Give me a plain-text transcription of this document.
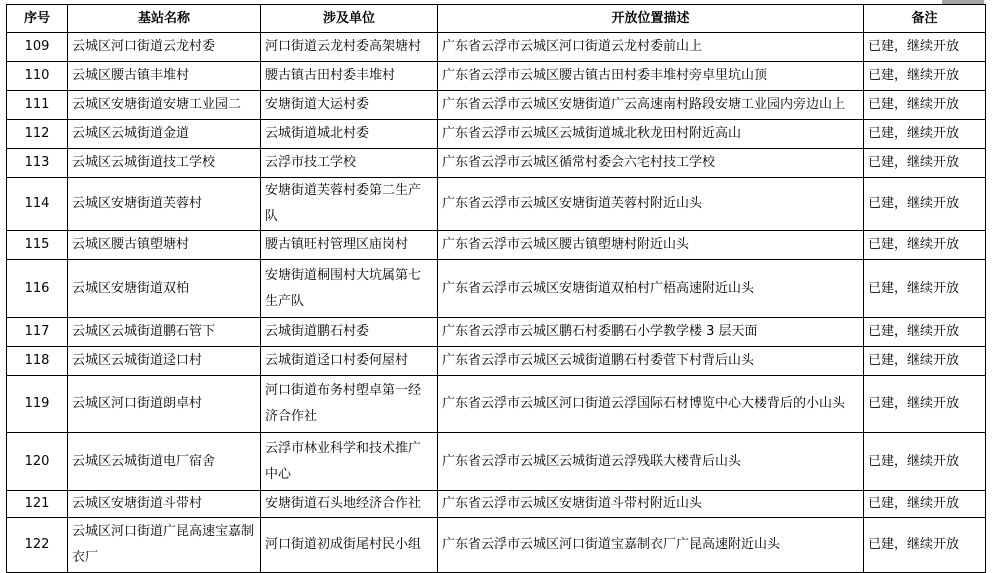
序号	基站名称	涉及单位	开放位置描述	备注
109	云城区河口街道云龙村委	河口街道云龙村委高架塘村	广东省云浮市云城区河口街道云龙村委前山上	已建，继续开放
110	云城区腰古镇丰堆村	腰古镇古田村委丰堆村	广东省云浮市云城区腰古镇古田村委丰堆村旁卓里坑山顶	已建，继续开放
111	云城区安塘街道安塘工业园二	安塘街道大运村委	广东省云浮市云城区安塘街道广云高速南村路段安塘工业园内旁边山上	已建，继续开放
112	云城区云城街道金道	云城街道城北村委	广东省云浮市云城区云城街道城北秋龙田村附近高山	已建，继续开放
113	云城区云城街道技工学校	云浮市技工学校	广东省云浮市云城区循常村委会六宅村技工学校	已建，继续开放
114	云城区安塘街道芙蓉村	安塘街道芙蓉村委第二生产队	广东省云浮市云城区安塘街道芙蓉村附近山头	已建，继续开放
115	云城区腰古镇塱塘村	腰古镇旺村管理区庙岗村	广东省云浮市云城区腰古镇塱塘村附近山头	已建，继续开放
116	云城区安塘街道双柏	安塘街道桐围村大坑属第七生产队	广东省云浮市云城区安塘街道双柏村广梧高速附近山头	已建，继续开放
117	云城区云城街道鹏石管下	云城街道鹏石村委	广东省云浮市云城区鹏石村委鹏石小学教学楼 3 层天面	已建，继续开放
118	云城区云城街道迳口村	云城街道迳口村委何屋村	广东省云浮市云城区云城街道鹏石村委菅下村背后山头	已建，继续开放
119	云城区河口街道朗卓村	河口街道布务村塱卓第一经济合作社	广东省云浮市云城区河口街道云浮国际石材博览中心大楼背后的小山头	已建，继续开放
120	云城区云城街道电厂宿舍	云浮市林业科学和技术推广中心	广东省云浮市云城区云城街道云浮残联大楼背后山头	已建，继续开放
121	云城区安塘街道斗带村	安塘街道石头地经济合作社	广东省云浮市云城区安塘街道斗带村附近山头	已建，继续开放
122	云城区河口街道广昆高速宝嘉制衣厂	河口街道初成街尾村民小组	广东省云浮市云城区河口街道宝嘉制衣厂广昆高速附近山头	已建，继续开放
